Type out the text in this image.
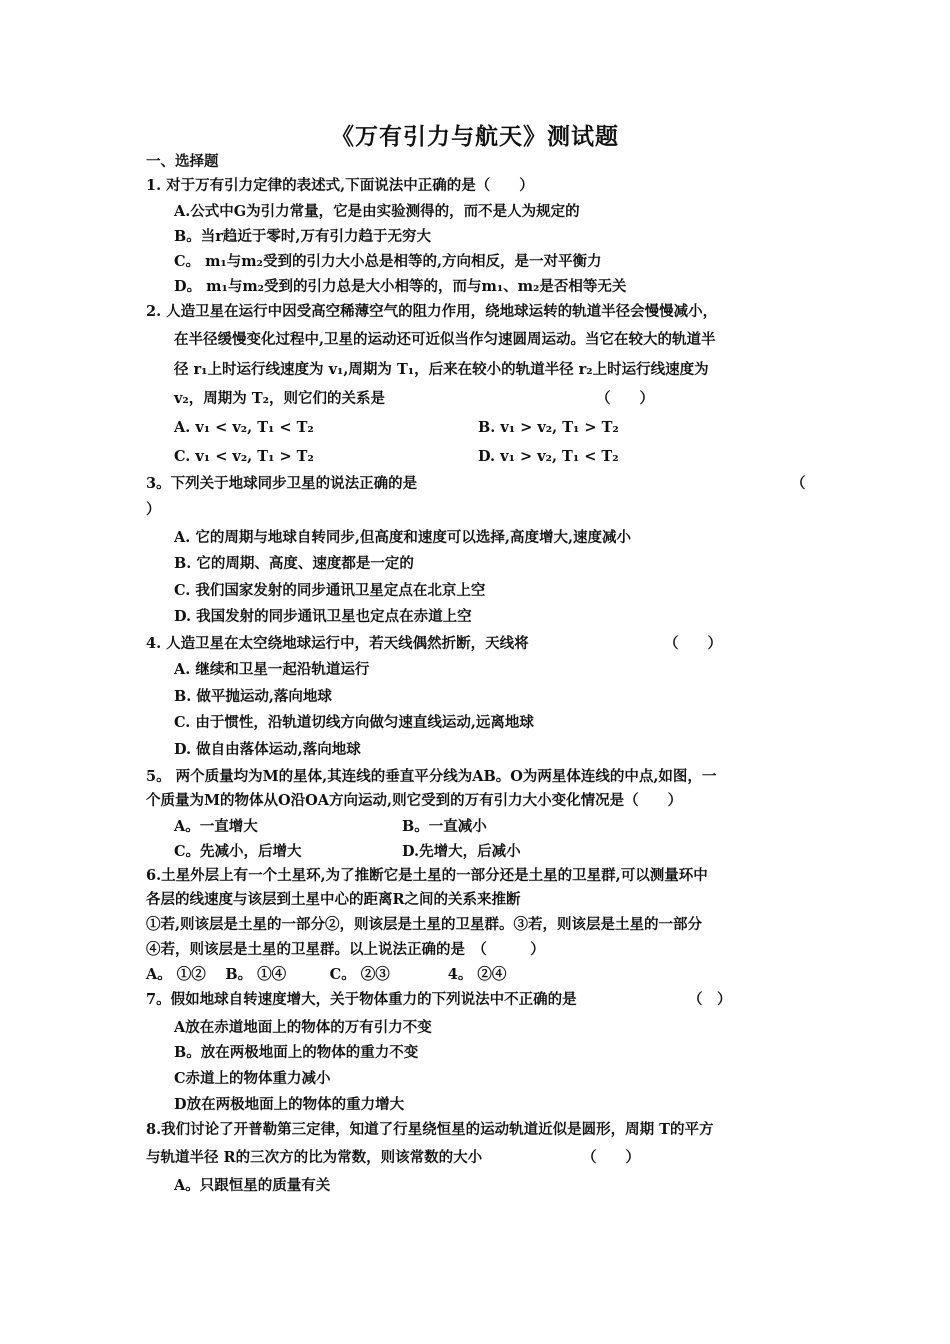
《万有引力与航天》测试题
一、选择题
1. 对于万有引力定律的表述式,下面说法中正确的是（　　）
A.公式中G为引力常量，它是由实验测得的，而不是人为规定的
B。当r趋近于零时,万有引力趋于无穷大
C。 m₁与m₂受到的引力大小总是相等的,方向相反，是一对平衡力
D。 m₁与m₂受到的引力总是大小相等的，而与m₁、m₂是否相等无关
2. 人造卫星在运行中因受高空稀薄空气的阻力作用，绕地球运转的轨道半径会慢慢减小，
在半径缓慢变化过程中,卫星的运动还可近似当作匀速圆周运动。当它在较大的轨道半
径 r₁上时运行线速度为 v₁,周期为 T₁，后来在较小的轨道半径 r₂上时运行线速度为
v₂，周期为 T₂，则它们的关系是	（　　）
A. v₁ < v₂, T₁ < T₂	B. v₁ > v₂, T₁ > T₂
C. v₁ < v₂, T₁ > T₂	D. v₁ > v₂, T₁ < T₂
3。下列关于地球同步卫星的说法正确的是	（
）
A. 它的周期与地球自转同步,但高度和速度可以选择,高度增大,速度减小
B. 它的周期、高度、速度都是一定的
C. 我们国家发射的同步通讯卫星定点在北京上空
D. 我国发射的同步通讯卫星也定点在赤道上空
4. 人造卫星在太空绕地球运行中，若天线偶然折断，天线将	（　　）
A. 继续和卫星一起沿轨道运行
B. 做平抛运动,落向地球
C. 由于惯性，沿轨道切线方向做匀速直线运动,远离地球
D. 做自由落体运动,落向地球
5。 两个质量均为M的星体,其连线的垂直平分线为AB。O为两星体连线的中点,如图，一
个质量为M的物体从O沿OA方向运动,则它受到的万有引力大小变化情况是（　　）
A。一直增大	B。一直减小
C。先减小，后增大	D.先增大，后减小
6.土星外层上有一个土星环,为了推断它是土星的一部分还是土星的卫星群,可以测量环中
各层的线速度与该层到土星中心的距离R之间的关系来推断
①若,则该层是土星的一部分②，则该层是土星的卫星群。③若，则该层是土星的一部分
④若，则该层是土星的卫星群。以上说法正确的是　（　　　）
A。 ①②　 B。 ①④　　　C。 ②③　　　　4。 ②④
7。假如地球自转速度增大，关于物体重力的下列说法中不正确的是	（　）
A放在赤道地面上的物体的万有引力不变
B。放在两极地面上的物体的重力不变
C赤道上的物体重力减小
D放在两极地面上的物体的重力增大
8.我们讨论了开普勒第三定律，知道了行星绕恒星的运动轨道近似是圆形，周期 T的平方
与轨道半径 R的三次方的比为常数，则该常数的大小	（　　）
A。只跟恒星的质量有关
